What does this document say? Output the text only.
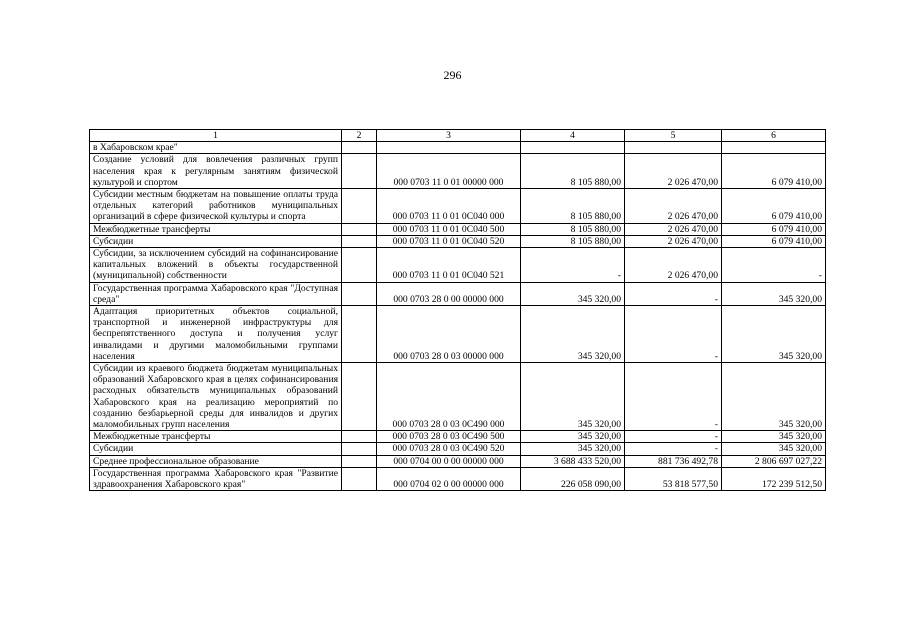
296
1	2	3	4	5	6
в Хабаровском крае"					
Создание условий для вовлечения различных групп населения края к регулярным занятиям физической культурой и спортом		000 0703 11 0 01 00000 000	8 105 880,00	2 026 470,00	6 079 410,00
Субсидии местным бюджетам на повышение оплаты труда отдельных категорий работников муниципальных организаций в сфере физической культуры и спорта		000 0703 11 0 01 0С040 000	8 105 880,00	2 026 470,00	6 079 410,00
Межбюджетные трансферты		000 0703 11 0 01 0С040 500	8 105 880,00	2 026 470,00	6 079 410,00
Субсидии		000 0703 11 0 01 0С040 520	8 105 880,00	2 026 470,00	6 079 410,00
Субсидии, за исключением субсидий на софинансирование капитальных вложений в объекты государственной (муниципальной) собственности		000 0703 11 0 01 0С040 521	-	2 026 470,00	-
Государственная программа Хабаровского края "Доступная среда"		000 0703 28 0 00 00000 000	345 320,00	-	345 320,00
Адаптация приоритетных объектов социальной, транспортной и инженерной инфраструктуры для беспрепятственного доступа и получения услуг инвалидами и другими маломобильными группами населения		000 0703 28 0 03 00000 000	345 320,00	-	345 320,00
Субсидии из краевого бюджета бюджетам муниципальных образований Хабаровского края в целях софинансирования расходных обязательств муниципальных образований Хабаровского края на реализацию мероприятий по созданию безбарьерной среды для инвалидов и других маломобильных групп населения		000 0703 28 0 03 0С490 000	345 320,00	-	345 320,00
Межбюджетные трансферты		000 0703 28 0 03 0С490 500	345 320,00	-	345 320,00
Субсидии		000 0703 28 0 03 0С490 520	345 320,00	-	345 320,00
Среднее профессиональное образование		000 0704 00 0 00 00000 000	3 688 433 520,00	881 736 492,78	2 806 697 027,22
Государственная программа Хабаровского края "Развитие здравоохранения Хабаровского края"		000 0704 02 0 00 00000 000	226 058 090,00	53 818 577,50	172 239 512,50
